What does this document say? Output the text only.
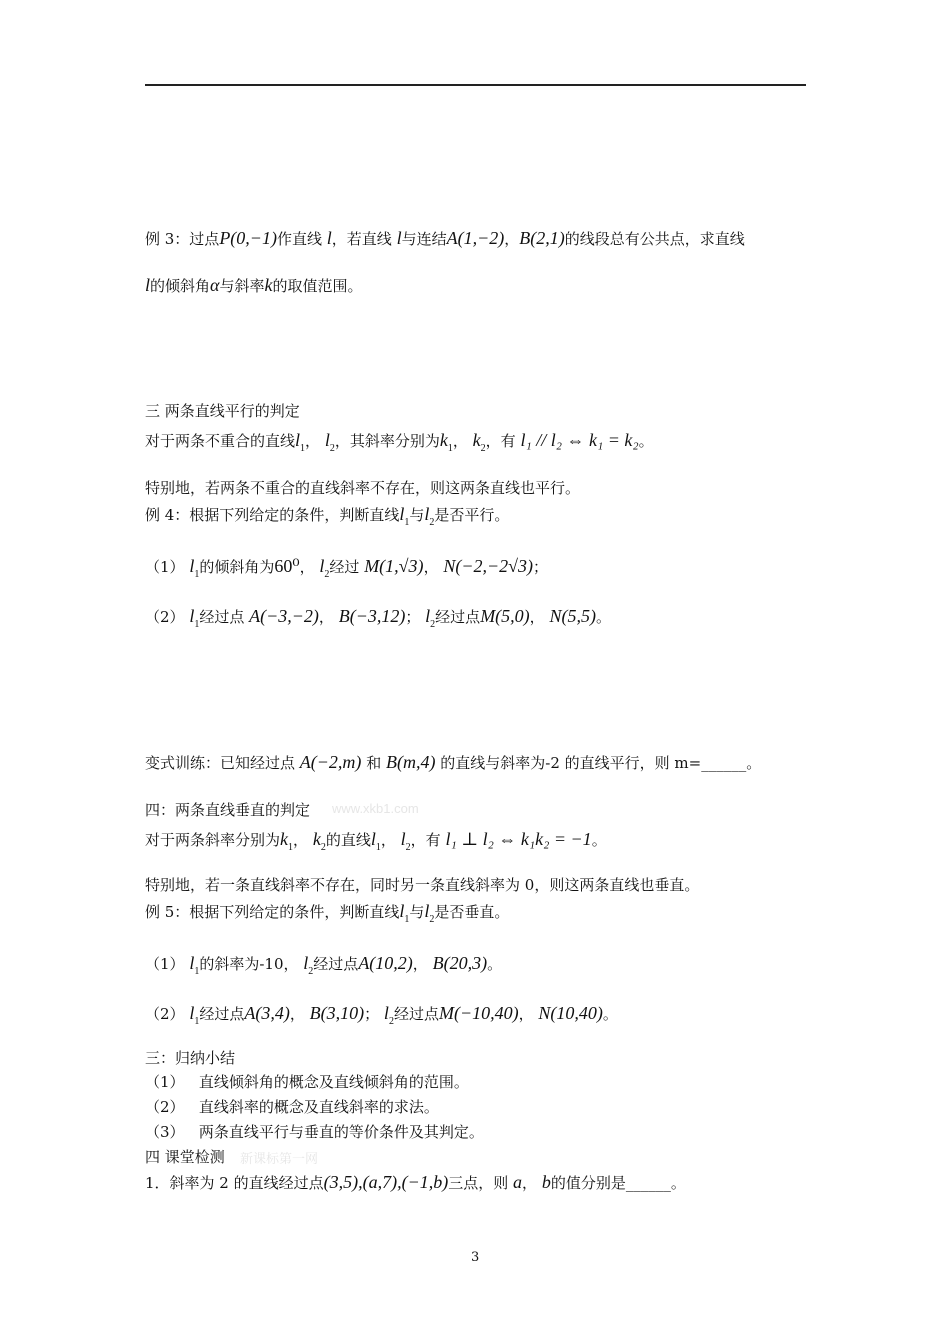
例 3：过点P(0,−1)作直线 l，若直线 l与连结A(1,−2)，B(2,1)的线段总有公共点，求直线
l的倾斜角α与斜率k的取值范围。
三 两条直线平行的判定
对于两条不重合的直线$l_1$， $l_2$，其斜率分别为$k_1$， $k_2$，有 l₁ // l₂ ⇔ k₁ = k₂。
特别地，若两条不重合的直线斜率不存在，则这两条直线也平行。
例 4：根据下列给定的条件，判断直线$l_1$与$l_2$是否平行。
（1） $l_1$的倾斜角为60⁰， $l_2$经过 M(1,√3)， N(−2,−2√3)；
（2） $l_1$经过点 A(−3,−2)， B(−3,12)； $l_2$经过点M(5,0)， N(5,5)。
变式训练：已知经过点 A(−2,m) 和 B(m,4) 的直线与斜率为-2 的直线平行，则 m=______。
四：两条直线垂直的判定 www.xkb1.com
对于两条斜率分别为$k_1$， $k_2$的直线$l_1$， $l_2$，有 l₁ ⊥ l₂ ⇔ k₁k₂ = −1。
特别地，若一条直线斜率不存在，同时另一条直线斜率为 0，则这两条直线也垂直。
例 5：根据下列给定的条件，判断直线$l_1$与$l_2$是否垂直。
（1） $l_1$的斜率为-10， $l_2$经过点A(10,2)， B(20,3)。
（2） $l_1$经过点A(3,4)， B(3,10)； $l_2$经过点M(−10,40)， N(10,40)。
三：归纳小结
（1） 直线倾斜角的概念及直线倾斜角的范围。
（2） 直线斜率的概念及直线斜率的求法。
（3） 两条直线平行与垂直的等价条件及其判定。
四 课堂检测 新课标第一网
1．斜率为 2 的直线经过点(3,5),(a,7),(−1,b)三点，则 a， b的值分别是______。
3
